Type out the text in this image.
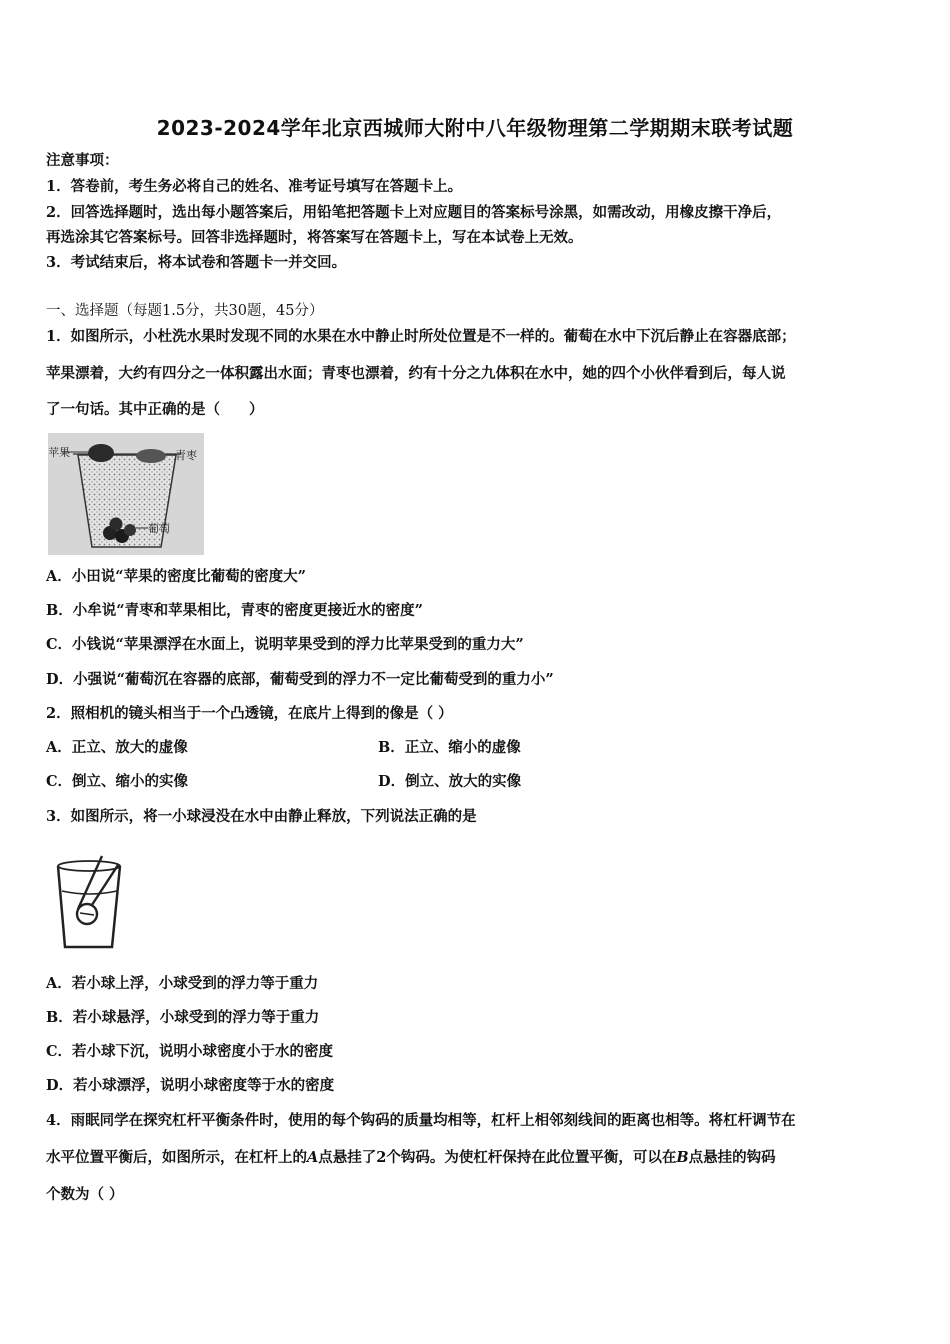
2023-2024学年北京西城师大附中八年级物理第二学期期末联考试题
注意事项：
1．答卷前，考生务必将自己的姓名、准考证号填写在答题卡上。
2．回答选择题时，选出每小题答案后，用铅笔把答题卡上对应题目的答案标号涂黑，如需改动，用橡皮擦干净后，
再选涂其它答案标号。回答非选择题时，将答案写在答题卡上，写在本试卷上无效。
3．考试结束后，将本试卷和答题卡一并交回。
一、选择题（每题1.5分，共30题，45分）
1．如图所示，小杜洗水果时发现不同的水果在水中静止时所处位置是不一样的。葡萄在水中下沉后静止在容器底部；
苹果漂着，大约有四分之一体积露出水面；青枣也漂着，约有十分之九体积在水中，她的四个小伙伴看到后，每人说
了一句话。其中正确的是（　　）
苹果	青枣
葡萄
A．小田说“苹果的密度比葡萄的密度大”
B．小牟说“青枣和苹果相比，青枣的密度更接近水的密度”
C．小钱说“苹果漂浮在水面上，说明苹果受到的浮力比苹果受到的重力大”
D．小强说“葡萄沉在容器的底部，葡萄受到的浮力不一定比葡萄受到的重力小”
2．照相机的镜头相当于一个凸透镜，在底片上得到的像是（ ）
A．正立、放大的虚像	B．正立、缩小的虚像
C．倒立、缩小的实像	D．倒立、放大的实像
3．如图所示，将一小球浸没在水中由静止释放，下列说法正确的是
A．若小球上浮，小球受到的浮力等于重力
B．若小球悬浮，小球受到的浮力等于重力
C．若小球下沉，说明小球密度小于水的密度
D．若小球漂浮，说明小球密度等于水的密度
4．雨眠同学在探究杠杆平衡条件时，使用的每个钩码的质量均相等，杠杆上相邻刻线间的距离也相等。将杠杆调节在
水平位置平衡后，如图所示，在杠杆上的A点悬挂了2个钩码。为使杠杆保持在此位置平衡，可以在B点悬挂的钩码
个数为（ ）
